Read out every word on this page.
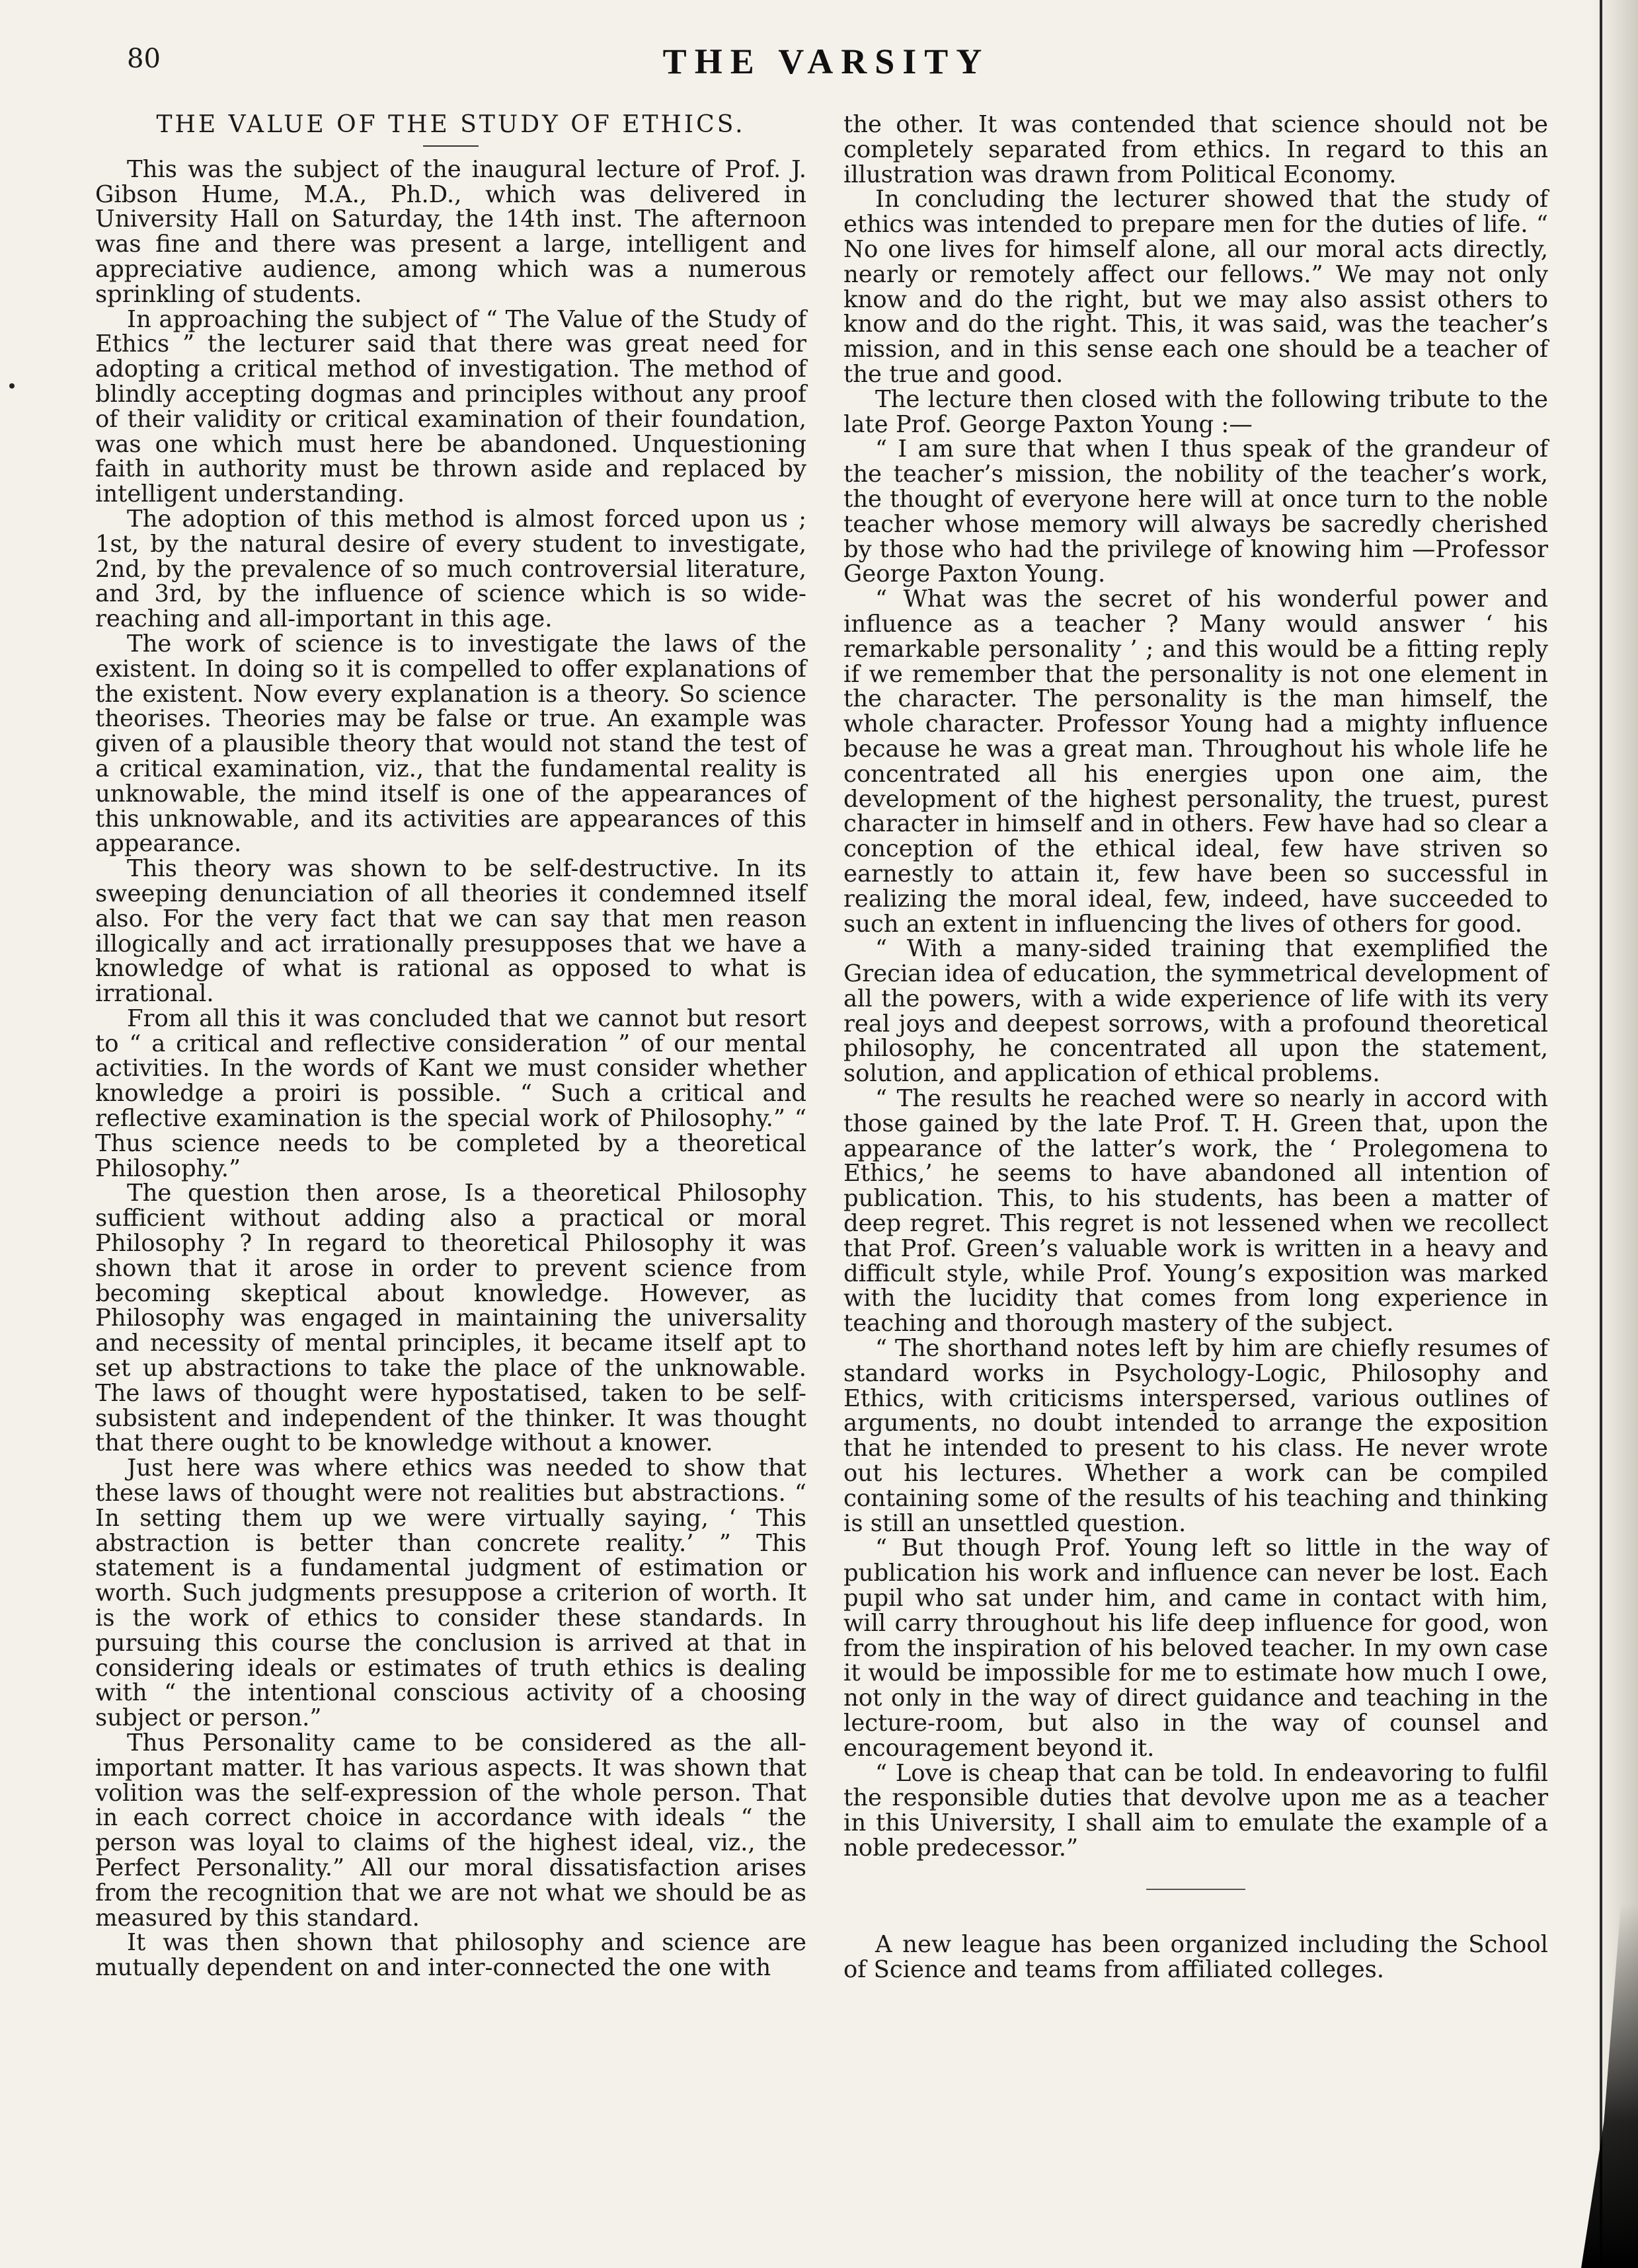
80	THE VARSITY
THE VALUE OF THE STUDY OF ETHICS.

This was the subject of the inaugural lecture of Prof. J. Gibson Hume, M.A., Ph.D., which was delivered in University Hall on Saturday, the 14th inst. The afternoon was fine and there was present a large, intelligent and appreciative audience, among which was a numerous sprinkling of students.

In approaching the subject of “ The Value of the Study of Ethics ” the lecturer said that there was great need for adopting a critical method of investigation. The method of blindly accepting dogmas and principles without any proof of their validity or critical examination of their foundation, was one which must here be abandoned. Unquestioning faith in authority must be thrown aside and replaced by intelligent understanding.

The adoption of this method is almost forced upon us ; 1st, by the natural desire of every student to investigate, 2nd, by the prevalence of so much controversial literature, and 3rd, by the influence of science which is so wide-reaching and all-important in this age.

The work of science is to investigate the laws of the existent. In doing so it is compelled to offer explanations of the existent. Now every explanation is a theory. So science theorises. Theories may be false or true. An example was given of a plausible theory that would not stand the test of a critical examination, viz., that the fundamental reality is unknowable, the mind itself is one of the appearances of this unknowable, and its activities are appearances of this appearance.

This theory was shown to be self-destructive. In its sweeping denunciation of all theories it condemned itself also. For the very fact that we can say that men reason illogically and act irrationally presupposes that we have a knowledge of what is rational as opposed to what is irrational.

From all this it was concluded that we cannot but resort to “ a critical and reflective consideration ” of our mental activities. In the words of Kant we must consider whether knowledge a proiri is possible. “ Such a critical and reflective examination is the special work of Philosophy.” “ Thus science needs to be completed by a theoretical Philosophy.”

The question then arose, Is a theoretical Philosophy sufficient without adding also a practical or moral Philosophy ? In regard to theoretical Philosophy it was shown that it arose in order to prevent science from becoming skeptical about knowledge. However, as Philosophy was engaged in maintaining the universality and necessity of mental principles, it became itself apt to set up abstractions to take the place of the unknowable. The laws of thought were hypostatised, taken to be self-subsistent and independent of the thinker. It was thought that there ought to be knowledge without a knower.

Just here was where ethics was needed to show that these laws of thought were not realities but abstractions. “ In setting them up we were virtually saying, ‘ This abstraction is better than concrete reality.’ ” This statement is a fundamental judgment of estimation or worth. Such judgments presuppose a criterion of worth. It is the work of ethics to consider these standards. In pursuing this course the conclusion is arrived at that in considering ideals or estimates of truth ethics is dealing with “ the intentional conscious activity of a choosing subject or person.”

Thus Personality came to be considered as the all-important matter. It has various aspects. It was shown that volition was the self-expression of the whole person. That in each correct choice in accordance with ideals “ the person was loyal to claims of the highest ideal, viz., the Perfect Personality.” All our moral dissatisfaction arises from the recognition that we are not what we should be as measured by this standard.

It was then shown that philosophy and science are mutually dependent on and inter-connected the one with

the other. It was contended that science should not be completely separated from ethics. In regard to this an illustration was drawn from Political Economy.

In concluding the lecturer showed that the study of ethics was intended to prepare men for the duties of life. “ No one lives for himself alone, all our moral acts directly, nearly or remotely affect our fellows.” We may not only know and do the right, but we may also assist others to know and do the right. This, it was said, was the teacher’s mission, and in this sense each one should be a teacher of the true and good.

The lecture then closed with the following tribute to the late Prof. George Paxton Young :—

“ I am sure that when I thus speak of the grandeur of the teacher’s mission, the nobility of the teacher’s work, the thought of everyone here will at once turn to the noble teacher whose memory will always be sacredly cherished by those who had the privilege of knowing him —Professor George Paxton Young.

“ What was the secret of his wonderful power and influence as a teacher ? Many would answer ‘ his remarkable personality ’ ; and this would be a fitting reply if we remember that the personality is not one element in the character. The personality is the man himself, the whole character. Professor Young had a mighty influence because he was a great man. Throughout his whole life he concentrated all his energies upon one aim, the development of the highest personality, the truest, purest character in himself and in others. Few have had so clear a conception of the ethical ideal, few have striven so earnestly to attain it, few have been so successful in realizing the moral ideal, few, indeed, have succeeded to such an extent in influencing the lives of others for good.

“ With a many-sided training that exemplified the Grecian idea of education, the symmetrical development of all the powers, with a wide experience of life with its very real joys and deepest sorrows, with a profound theoretical philosophy, he concentrated all upon the statement, solution, and application of ethical problems.

“ The results he reached were so nearly in accord with those gained by the late Prof. T. H. Green that, upon the appearance of the latter’s work, the ‘ Prolegomena to Ethics,’ he seems to have abandoned all intention of publication. This, to his students, has been a matter of deep regret. This regret is not lessened when we recollect that Prof. Green’s valuable work is written in a heavy and difficult style, while Prof. Young’s exposition was marked with the lucidity that comes from long experience in teaching and thorough mastery of the subject.

“ The shorthand notes left by him are chiefly resumes of standard works in Psychology-Logic, Philosophy and Ethics, with criticisms interspersed, various outlines of arguments, no doubt intended to arrange the exposition that he intended to present to his class. He never wrote out his lectures. Whether a work can be compiled containing some of the results of his teaching and thinking is still an unsettled question.

“ But though Prof. Young left so little in the way of publication his work and influence can never be lost. Each pupil who sat under him, and came in contact with him, will carry throughout his life deep influence for good, won from the inspiration of his beloved teacher. In my own case it would be impossible for me to estimate how much I owe, not only in the way of direct guidance and teaching in the lecture-room, but also in the way of counsel and encouragement beyond it.

“ Love is cheap that can be told. In endeavoring to fulfil the responsible duties that devolve upon me as a teacher in this University, I shall aim to emulate the example of a noble predecessor.”

A new league has been organized including the School of Science and teams from affiliated colleges.
